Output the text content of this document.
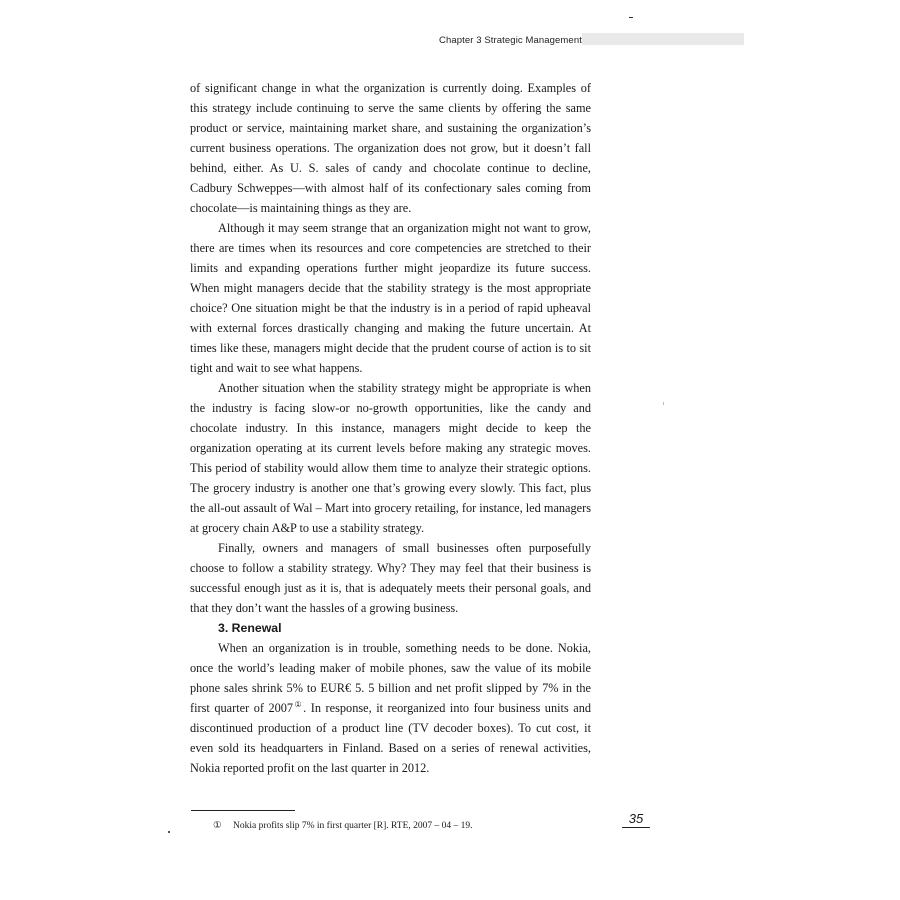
Chapter 3 Strategic Management

of significant change in what the organization is currently doing. Examples of this strategy include continuing to serve the same clients by offering the same product or service, maintaining market share, and sustaining the organization’s current business operations. The organization does not grow, but it doesn’t fall behind, either. As U. S. sales of candy and chocolate continue to decline, Cadbury Schweppes—with almost half of its confectionary sales coming from chocolate—is maintaining things as they are.

Although it may seem strange that an organization might not want to grow, there are times when its resources and core competencies are stretched to their limits and expanding operations further might jeopardize its future success. When might managers decide that the stability strategy is the most appropriate choice? One situation might be that the industry is in a period of rapid upheaval with external forces drastically changing and making the future uncertain. At times like these, managers might decide that the prudent course of action is to sit tight and wait to see what happens.

Another situation when the stability strategy might be appropriate is when the industry is facing slow-or no-growth opportunities, like the candy and chocolate industry. In this instance, managers might decide to keep the organization operating at its current levels before making any strategic moves. This period of stability would allow them time to analyze their strategic options. The grocery industry is another one that’s growing every slowly. This fact, plus the all-out assault of Wal – Mart into grocery retailing, for instance, led managers at grocery chain A&P to use a stability strategy.

Finally, owners and managers of small businesses often purposefully choose to follow a stability strategy. Why? They may feel that their business is successful enough just as it is, that is adequately meets their personal goals, and that they don’t want the hassles of a growing business.

3. Renewal

When an organization is in trouble, something needs to be done. Nokia, once the world’s leading maker of mobile phones, saw the value of its mobile phone sales shrink 5% to EUR€ 5. 5 billion and net profit slipped by 7% in the first quarter of 2007①. In response, it reorganized into four business units and discontinued production of a product line (TV decoder boxes). To cut cost, it even sold its headquarters in Finland. Based on a series of renewal activities, Nokia reported profit on the last quarter in 2012.

① Nokia profits slip 7% in first quarter [R]. RTE, 2007 – 04 – 19.	35
